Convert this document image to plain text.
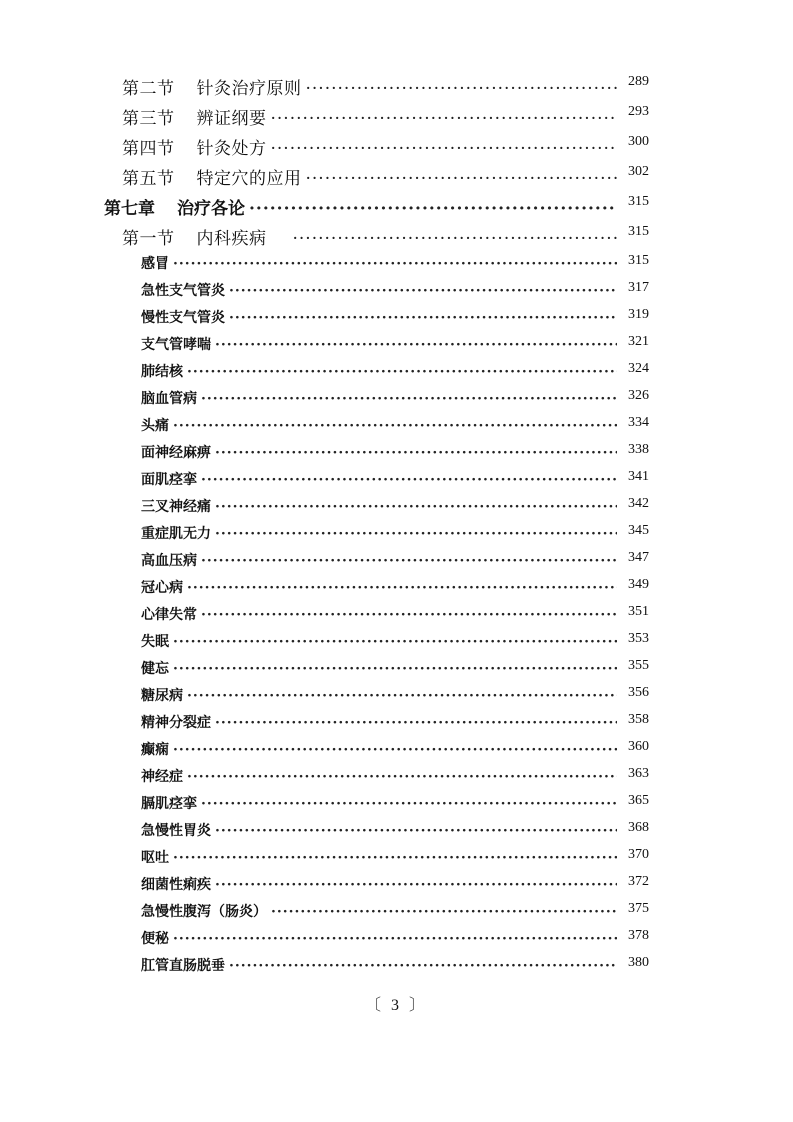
第二节 针灸治疗原则 ·····	289
第三节 辨证纲要 ·····	293
第四节 针灸处方 ·····	300
第五节 特定穴的应用 ·····	302
第七章 治疗各论 ·····	315
第一节 内科疾病 ·····	315
感冒 ·····	315
急性支气管炎 ·····	317
慢性支气管炎 ·····	319
支气管哮喘 ·····	321
肺结核 ·····	324
脑血管病 ·····	326
头痛 ·····	334
面神经麻痹 ·····	338
面肌痉挛 ·····	341
三叉神经痛 ·····	342
重症肌无力 ·····	345
高血压病 ·····	347
冠心病 ·····	349
心律失常 ·····	351
失眠 ·····	353
健忘 ·····	355
糖尿病 ·····	356
精神分裂症 ·····	358
癫痫 ·····	360
神经症 ·····	363
膈肌痉挛 ·····	365
急慢性胃炎 ·····	368
呕吐 ·····	370
细菌性痢疾 ·····	372
急慢性腹泻（肠炎） ·····	375
便秘 ·····	378
肛管直肠脱垂 ·····	380
〔 3 〕
